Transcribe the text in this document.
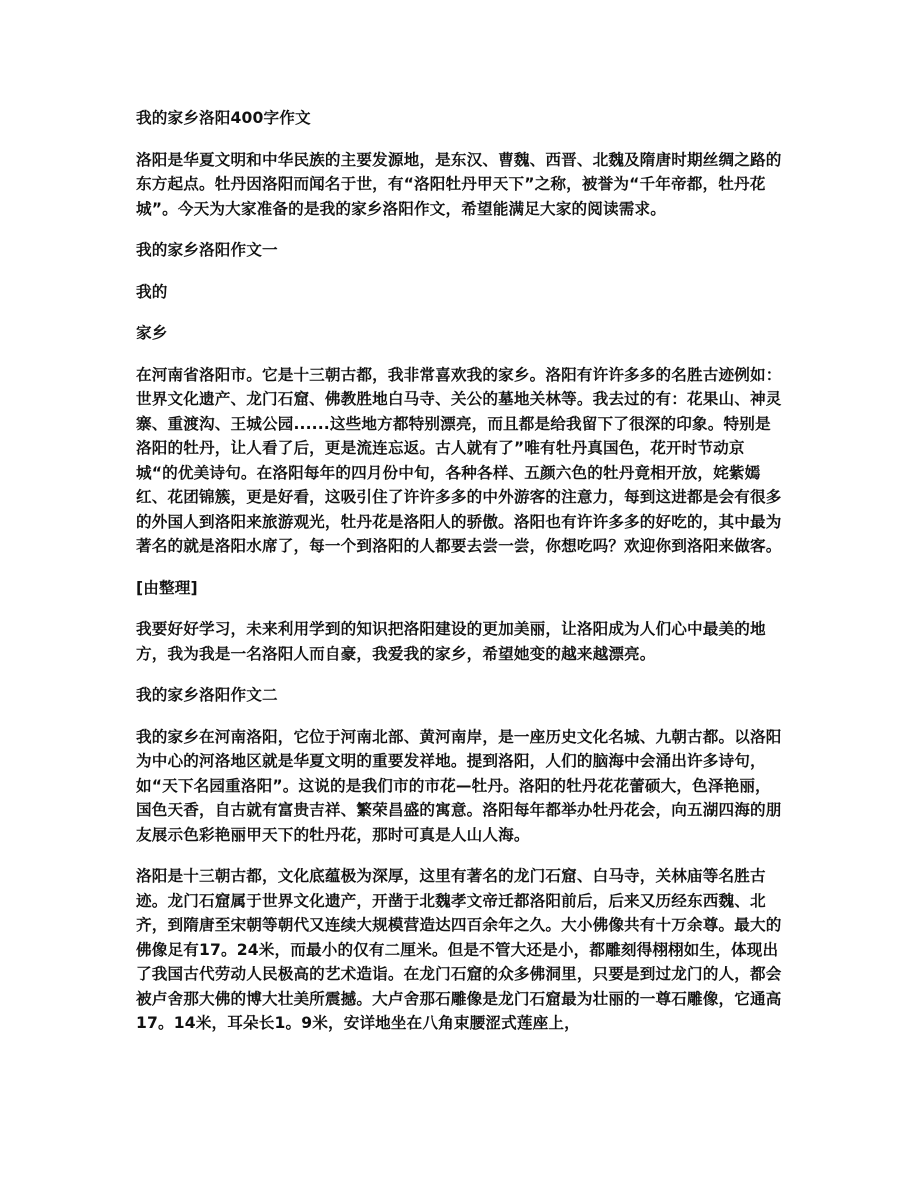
我的家乡洛阳400字作文

洛阳是华夏文明和中华民族的主要发源地，是东汉、曹魏、西晋、北魏及隋唐时期丝绸之路的东方起点。牡丹因洛阳而闻名于世，有“洛阳牡丹甲天下”之称，被誉为“千年帝都，牡丹花城”。今天为大家准备的是我的家乡洛阳作文，希望能满足大家的阅读需求。

我的家乡洛阳作文一

我的

家乡

在河南省洛阳市。它是十三朝古都，我非常喜欢我的家乡。洛阳有许许多多的名胜古迹例如：世界文化遗产、龙门石窟、佛教胜地白马寺、关公的墓地关林等。我去过的有：花果山、神灵寨、重渡沟、王城公园......这些地方都特别漂亮，而且都是给我留下了很深的印象。特别是洛阳的牡丹，让人看了后，更是流连忘返。古人就有了”唯有牡丹真国色，花开时节动京城“的优美诗句。在洛阳每年的四月份中旬，各种各样、五颜六色的牡丹竟相开放，姹紫嫣红、花团锦簇，更是好看，这吸引住了许许多多的中外游客的注意力，每到这进都是会有很多的外国人到洛阳来旅游观光，牡丹花是洛阳人的骄傲。洛阳也有许许多多的好吃的，其中最为著名的就是洛阳水席了，每一个到洛阳的人都要去尝一尝，你想吃吗？欢迎你到洛阳来做客。

[由整理]

我要好好学习，未来利用学到的知识把洛阳建设的更加美丽，让洛阳成为人们心中最美的地方，我为我是一名洛阳人而自豪，我爱我的家乡，希望她变的越来越漂亮。

我的家乡洛阳作文二

我的家乡在河南洛阳，它位于河南北部、黄河南岸，是一座历史文化名城、九朝古都。以洛阳为中心的河洛地区就是华夏文明的重要发祥地。提到洛阳，人们的脑海中会涌出许多诗句，如“天下名园重洛阳”。这说的是我们市的市花—牡丹。洛阳的牡丹花花蕾硕大，色泽艳丽，国色天香，自古就有富贵吉祥、繁荣昌盛的寓意。洛阳每年都举办牡丹花会，向五湖四海的朋友展示色彩艳丽甲天下的牡丹花，那时可真是人山人海。

洛阳是十三朝古都，文化底蕴极为深厚，这里有著名的龙门石窟、白马寺，关林庙等名胜古迹。龙门石窟属于世界文化遗产，开凿于北魏孝文帝迁都洛阳前后，后来又历经东西魏、北齐，到隋唐至宋朝等朝代又连续大规模营造达四百余年之久。大小佛像共有十万余尊。最大的佛像足有17。24米，而最小的仅有二厘米。但是不管大还是小，都雕刻得栩栩如生，体现出了我国古代劳动人民极高的艺术造诣。在龙门石窟的众多佛洞里，只要是到过龙门的人，都会被卢舍那大佛的博大壮美所震撼。大卢舍那石雕像是龙门石窟最为壮丽的一尊石雕像，它通高17。14米，耳朵长1。9米，安详地坐在八角束腰涩式莲座上，
